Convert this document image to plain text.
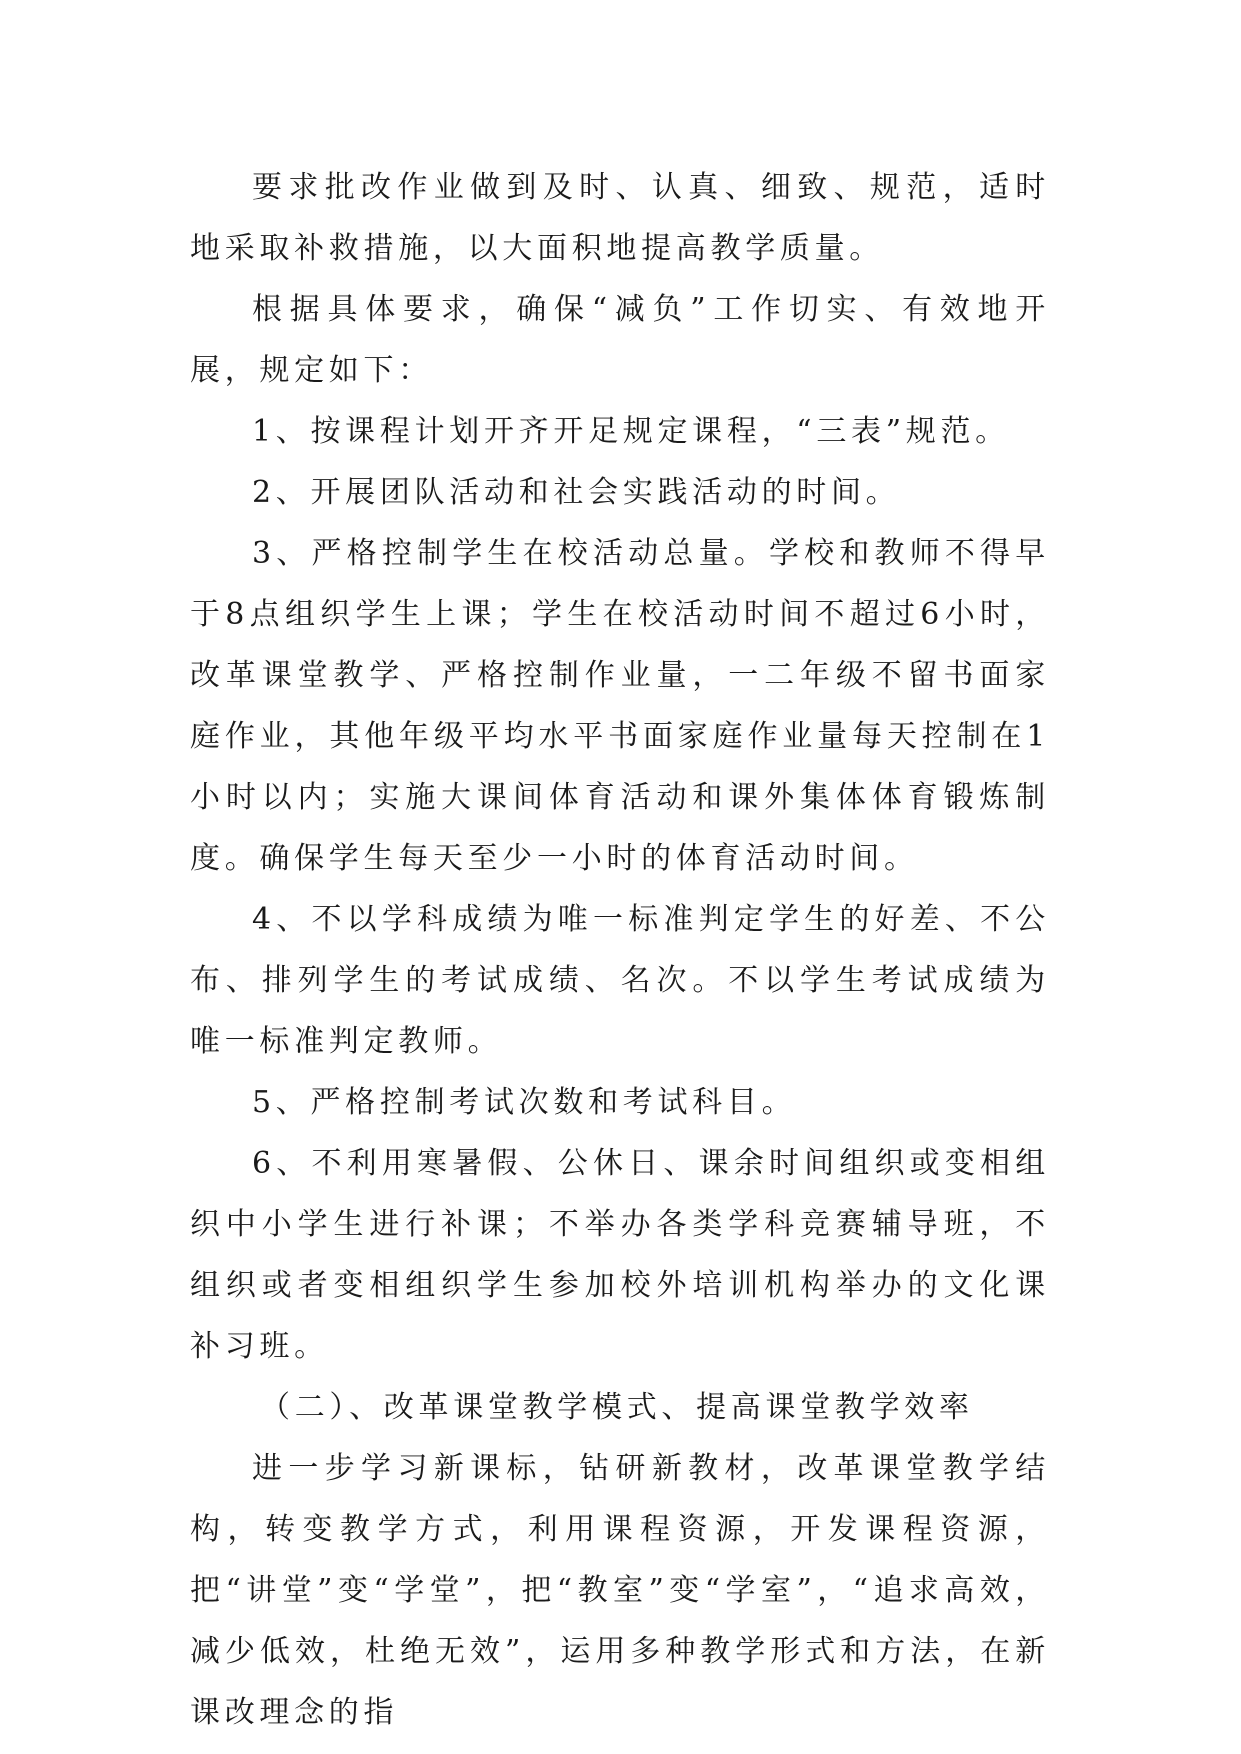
要求批改作业做到及时、认真、细致、规范，适时地采取补救措施，以大面积地提高教学质量。

根据具体要求，确保“减负”工作切实、有效地开展，规定如下：

1、按课程计划开齐开足规定课程，“三表”规范。

2、开展团队活动和社会实践活动的时间。

3、严格控制学生在校活动总量。学校和教师不得早于8点组织学生上课；学生在校活动时间不超过6小时，改革课堂教学、严格控制作业量，一二年级不留书面家庭作业，其他年级平均水平书面家庭作业量每天控制在1小时以内；实施大课间体育活动和课外集体体育锻炼制度。确保学生每天至少一小时的体育活动时间。

4、不以学科成绩为唯一标准判定学生的好差、不公布、排列学生的考试成绩、名次。不以学生考试成绩为唯一标准判定教师。

5、严格控制考试次数和考试科目。

6、不利用寒暑假、公休日、课余时间组织或变相组织中小学生进行补课；不举办各类学科竞赛辅导班，不组织或者变相组织学生参加校外培训机构举办的文化课补习班。

（二）、改革课堂教学模式、提高课堂教学效率

进一步学习新课标，钻研新教材，改革课堂教学结构，转变教学方式，利用课程资源，开发课程资源，把“讲堂”变“学堂”，把“教室”变“学室”，“追求高效，减少低效，杜绝无效”，运用多种教学形式和方法，在新课改理念的指
